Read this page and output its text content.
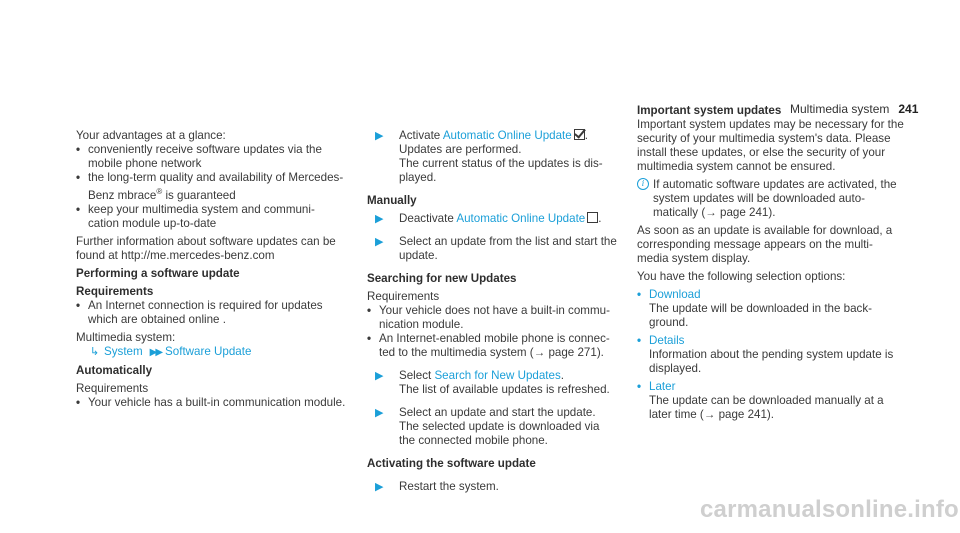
Multimedia system 241

Your advantages at a glance:

•
conveniently receive software updates via the mobile phone network
•
the long-term quality and availability of Mercedes-Benz mbrace® is guaranteed
•
keep your multimedia system and communi- cation module up-to-date

Further information about software updates can be found at http://me.mercedes-benz.com

Performing a software update

Requirements

•
An Internet connection is required for updates which are obtained online .

Multimedia system:

↳ System ▶▶ Software Update

Automatically

Requirements

•
Your vehicle has a built-in communication module.
▶ Activate Automatic Online Update .

Updates are performed.

The current status of the updates is dis- played.

Manually

▶ Deactivate Automatic Online Update .

▶ Select an update from the list and start the update.

Searching for new Updates

Requirements

•
Your vehicle does not have a built-in commu- nication module.
•
An Internet-enabled mobile phone is connec- ted to the multimedia system (→ page 271).
▶ Select Search for New Updates.

The list of available updates is refreshed.

▶ Select an update and start the update.

The selected update is downloaded via the connected mobile phone.

Activating the software update

▶ Restart the system.

Important system updates

Important system updates may be necessary for the security of your multimedia system's data. Please install these updates, or else the security of your multimedia system cannot be ensured.

i If automatic software updates are activated, the system updates will be downloaded auto- matically (→ page 241).

As soon as an update is available for download, a corresponding message appears on the multi- media system display.

You have the following selection options:

• Download

The update will be downloaded in the back- ground.

• Details

Information about the pending system update is displayed.

• Later

The update can be downloaded manually at a later time (→ page 241).

carmanualsonline.info
